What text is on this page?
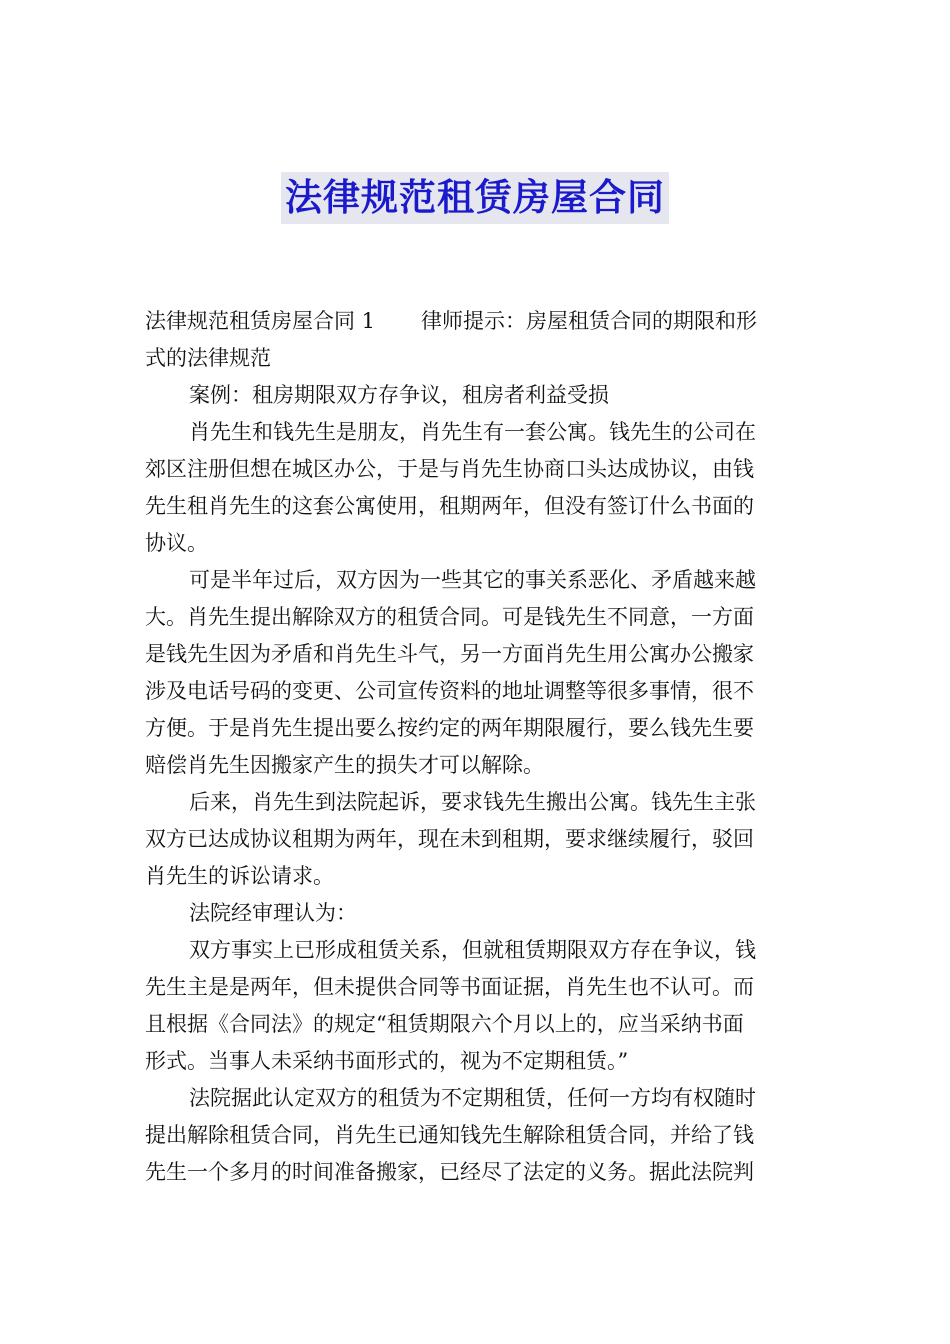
法律规范租赁房屋合同
法律规范租赁房屋合同 1 律师提示：房屋租赁合同的期限和形
式的法律规范
案例：租房期限双方存争议，租房者利益受损
肖先生和钱先生是朋友，肖先生有一套公寓。钱先生的公司在
郊区注册但想在城区办公，于是与肖先生协商口头达成协议，由钱
先生租肖先生的这套公寓使用，租期两年，但没有签订什么书面的
协议。
可是半年过后，双方因为一些其它的事关系恶化、矛盾越来越
大。肖先生提出解除双方的租赁合同。可是钱先生不同意，一方面
是钱先生因为矛盾和肖先生斗气，另一方面肖先生用公寓办公搬家
涉及电话号码的变更、公司宣传资料的地址调整等很多事情，很不
方便。于是肖先生提出要么按约定的两年期限履行，要么钱先生要
赔偿肖先生因搬家产生的损失才可以解除。
后来，肖先生到法院起诉，要求钱先生搬出公寓。钱先生主张
双方已达成协议租期为两年，现在未到租期，要求继续履行，驳回
肖先生的诉讼请求。
法院经审理认为：
双方事实上已形成租赁关系，但就租赁期限双方存在争议，钱
先生主是是两年，但未提供合同等书面证据，肖先生也不认可。而
且根据《合同法》的规定“租赁期限六个月以上的，应当采纳书面
形式。当事人未采纳书面形式的，视为不定期租赁。”
法院据此认定双方的租赁为不定期租赁，任何一方均有权随时
提出解除租赁合同，肖先生已通知钱先生解除租赁合同，并给了钱
先生一个多月的时间准备搬家，已经尽了法定的义务。据此法院判
